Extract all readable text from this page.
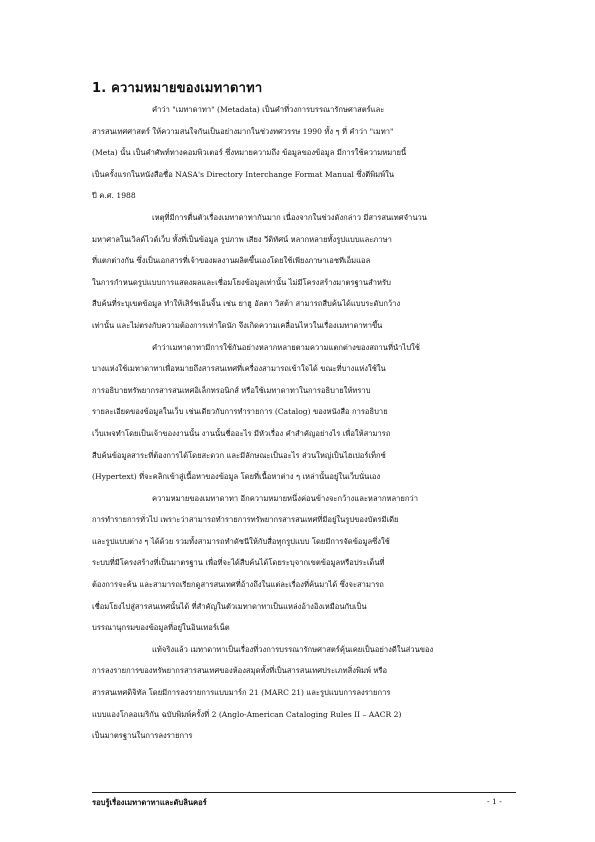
1. ความหมายของเมทาดาทา
คำว่า "เมทาดาทา" (Metadata) เป็นคำที่วงการบรรณารักษศาสตร์และ
สารสนเทศศาสตร์ ให้ความสนใจกันเป็นอย่างมากในช่วงทศวรรษ 1990 ทั้ง ๆ ที่ คำว่า "เมทา"
(Meta) นั้น เป็นคำศัพท์ทางคอมพิวเตอร์ ซึ่งหมายความถึง ข้อมูลของข้อมูล มีการใช้ความหมายนี้
เป็นครั้งแรกในหนังสือชื่อ NASA's Directory Interchange Format Manual ซึ่งตีพิมพ์ใน
ปี ค.ศ. 1988
เหตุที่มีการตื่นตัวเรื่องเมทาดาทากันมาก เนื่องจากในช่วงดังกล่าว มีสารสนเทศจำนวน
มหาศาลในเวิลด์ไวด์เว็บ ทั้งที่เป็นข้อมูล รูปภาพ เสียง วีดิทัศน์ หลากหลายทั้งรูปแบบและภาษา
ที่แตกต่างกัน ซึ่งเป็นเอกสารที่เจ้าของผลงานผลิตขึ้นเองโดยใช้เพียงภาษาเอชทีเอ็มแอล
ในการกำหนดรูปแบบการแสดงผลและเชื่อมโยงข้อมูลเท่านั้น ไม่มีโครงสร้างมาตรฐานสำหรับ
สืบค้นที่ระบุเขตข้อมูล ทำให้เสิร์ชเอ็นจิ้น เช่น ยาฮู อัลตา วิสต้า สามารถสืบค้นได้แบบระดับกว้าง
เท่านั้น และไม่ตรงกับความต้องการเท่าใดนัก จึงเกิดความเคลื่อนไหวในเรื่องเมทาดาทาขึ้น
คำว่าเมทาดาทามีการใช้กันอย่างหลากหลายตามความแตกต่างของสถานที่นำไปใช้
บางแห่งใช้เมทาดาทาเพื่อหมายถึงสารสนเทศที่เครื่องสามารถเข้าใจได้ ขณะที่บางแห่งใช้ใน
การอธิบายทรัพยากรสารสนเทศอิเล็กทรอนิกส์ หรือใช้เมทาดาทาในการอธิบายให้ทราบ
รายละเอียดของข้อมูลในเว็บ เช่นเดียวกับการทำรายการ (Catalog) ของหนังสือ การอธิบาย
เว็บเพจทำโดยเป็นเจ้าของงานนั้น งานนั้นชื่ออะไร มีหัวเรื่อง คำสำคัญอย่างไร เพื่อให้สามารถ
สืบค้นข้อมูลสาระที่ต้องการได้โดยสะดวก และมีลักษณะเป็นอะไร ส่วนใหญ่เป็นไฮเปอร์เท็กซ์
(Hypertext) ที่จะคลิกเข้าสู่เนื้อหาของข้อมูล โดยที่เนื้อหาต่าง ๆ เหล่านั้นอยู่ในเว็บนั่นเอง
ความหมายของเมทาดาทา อีกความหมายหนึ่งค่อนข้างจะกว้างและหลากหลายกว่า
การทำรายการทั่วไป เพราะว่าสามารถทำรายการทรัพยากรสารสนเทศที่มีอยู่ในรูปของบัตรมีเดีย
และรูปแบบต่าง ๆ ได้ด้วย รวมทั้งสามารถทำดัชนีให้กับสื่อทุกรูปแบบ โดยมีการจัดข้อมูลซึ่งใช้
ระบบที่มีโครงสร้างที่เป็นมาตรฐาน เพื่อที่จะได้สืบค้นได้โดยระบุจากเขตข้อมูลหรือประเด็นที่
ต้องการจะค้น และสามารถเรียกดูสารสนเทศที่อ้างถึงในแต่ละเรื่องที่ค้นมาได้ ซึ่งจะสามารถ
เชื่อมโยงไปสู่สารสนเทศนั้นได้ ที่สำคัญในตัวเมทาดาทาเป็นแหล่งอ้างอิงเหมือนกับเป็น
บรรณานุกรมของข้อมูลที่อยู่ในอินเทอร์เน็ต
แท้จริงแล้ว เมทาดาทาเป็นเรื่องที่วงการบรรณารักษศาสตร์คุ้นเคยเป็นอย่างดีในส่วนของ
การลงรายการของทรัพยากรสารสนเทศของห้องสมุดทั้งที่เป็นสารสนเทศประเภทสิ่งพิมพ์ หรือ
สารสนเทศดิจิทัล โดยมีการลงรายการแบบมาร์ก 21 (MARC 21) และรูปแบบการลงรายการ
แบบแองโกลอเมริกัน ฉบับพิมพ์ครั้งที่ 2 (Anglo-American Cataloging Rules II – AACR 2)
เป็นมาตรฐานในการลงรายการ
รอบรู้เรื่องเมทาดาทาและดับลินคอร์	- 1 -
